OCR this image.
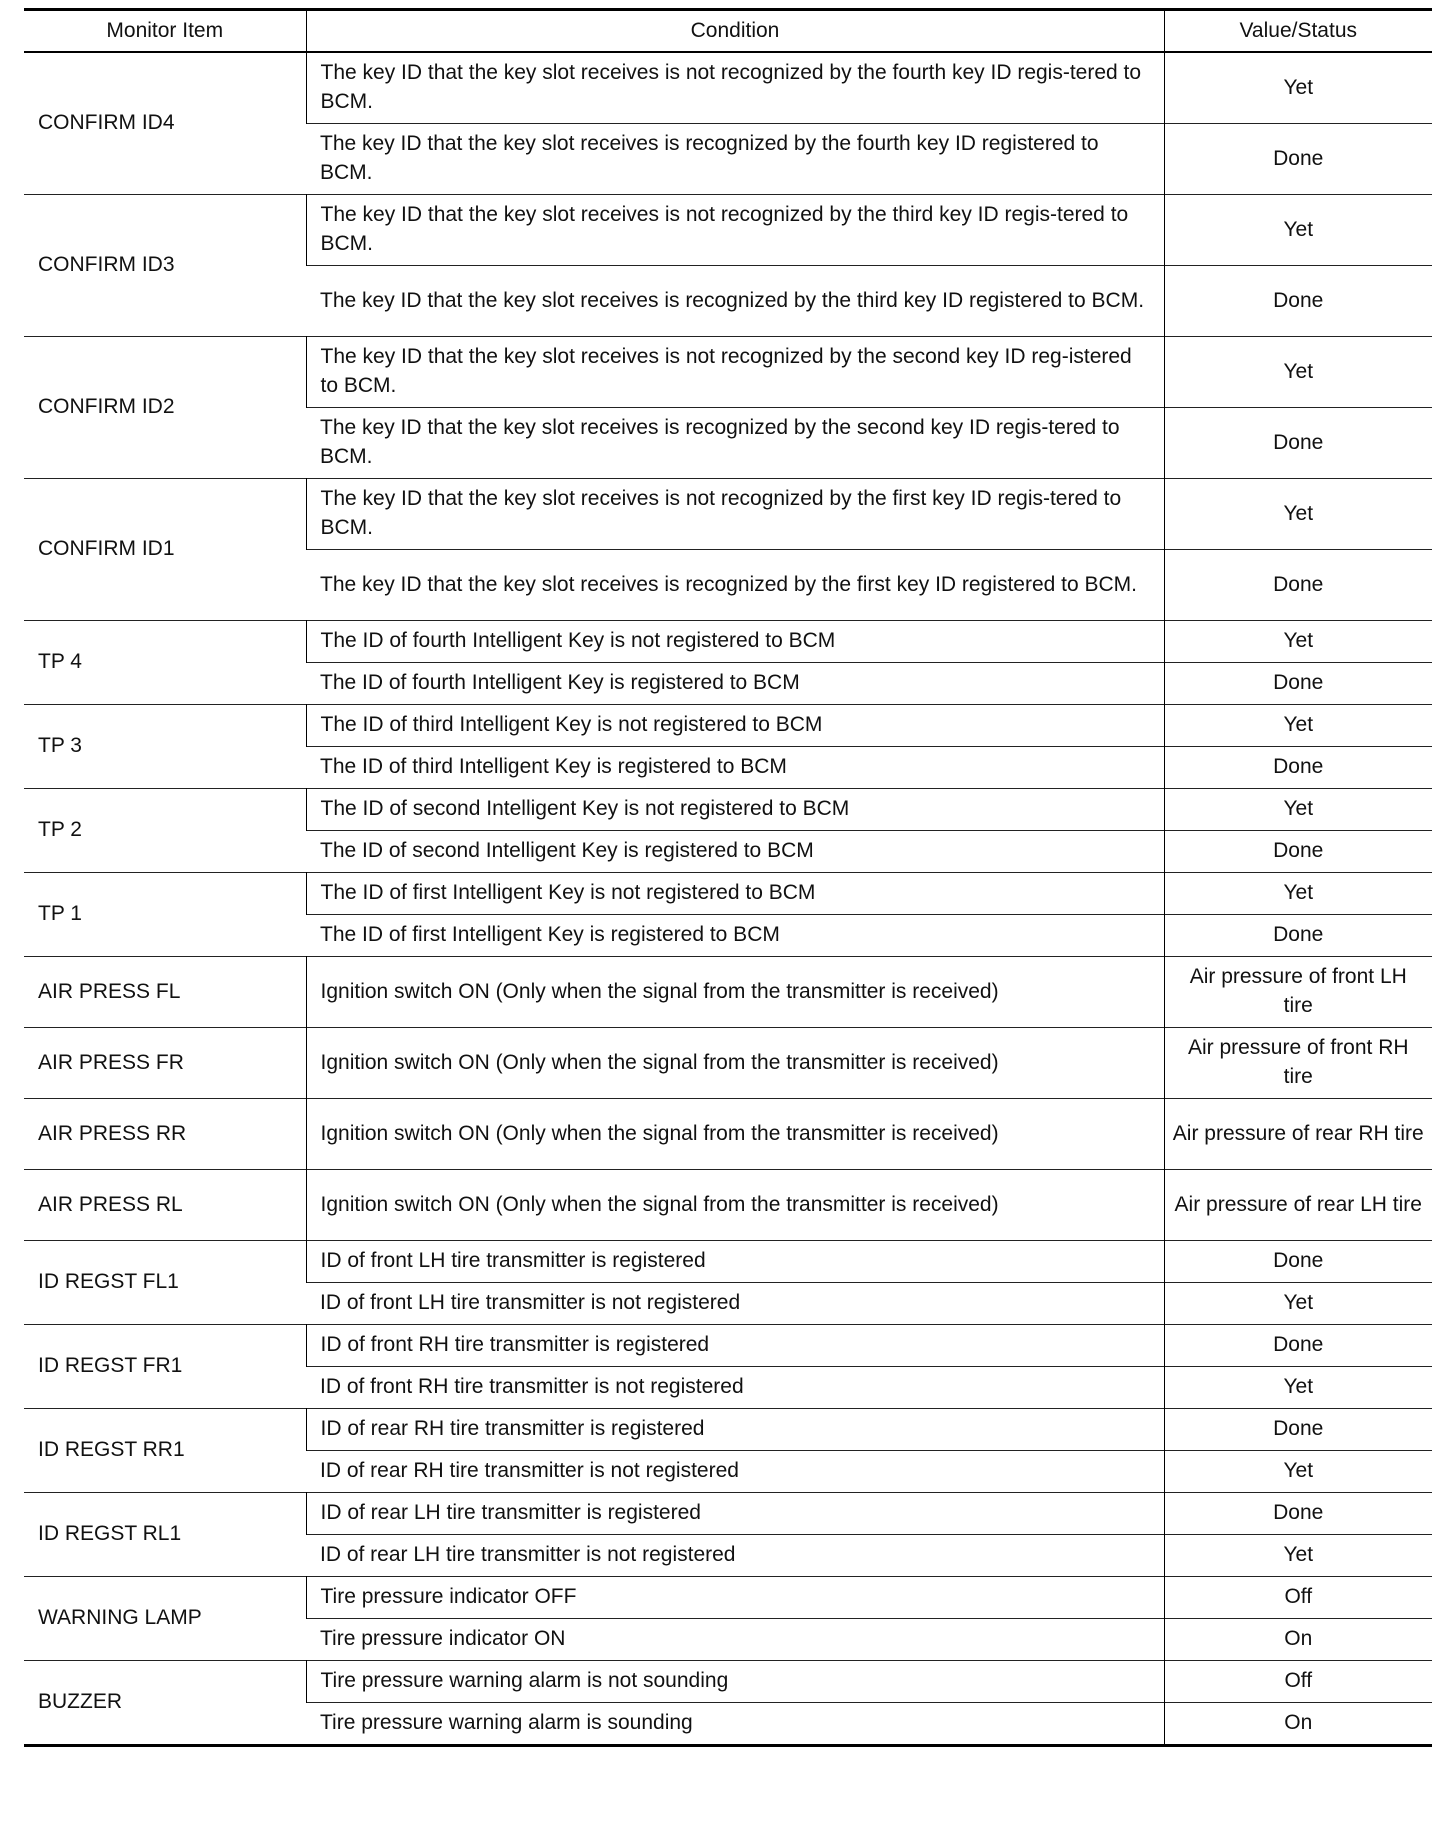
Monitor Item	Condition	Value/Status
CONFIRM ID4	The key ID that the key slot receives is not recognized by the fourth key ID regis-tered to BCM.	Yet
	The key ID that the key slot receives is recognized by the fourth key ID registered to BCM.	Done
CONFIRM ID3	The key ID that the key slot receives is not recognized by the third key ID regis-tered to BCM.	Yet
	The key ID that the key slot receives is recognized by the third key ID registered to BCM.	Done
CONFIRM ID2	The key ID that the key slot receives is not recognized by the second key ID reg-istered to BCM.	Yet
	The key ID that the key slot receives is recognized by the second key ID regis-tered to BCM.	Done
CONFIRM ID1	The key ID that the key slot receives is not recognized by the first key ID regis-tered to BCM.	Yet
	The key ID that the key slot receives is recognized by the first key ID registered to BCM.	Done
TP 4	The ID of fourth Intelligent Key is not registered to BCM	Yet
	The ID of fourth Intelligent Key is registered to BCM	Done
TP 3	The ID of third Intelligent Key is not registered to BCM	Yet
	The ID of third Intelligent Key is registered to BCM	Done
TP 2	The ID of second Intelligent Key is not registered to BCM	Yet
	The ID of second Intelligent Key is registered to BCM	Done
TP 1	The ID of first Intelligent Key is not registered to BCM	Yet
	The ID of first Intelligent Key is registered to BCM	Done
AIR PRESS FL	Ignition switch ON (Only when the signal from the transmitter is received)	Air pressure of front LH tire
AIR PRESS FR	Ignition switch ON (Only when the signal from the transmitter is received)	Air pressure of front RH tire
AIR PRESS RR	Ignition switch ON (Only when the signal from the transmitter is received)	Air pressure of rear RH tire
AIR PRESS RL	Ignition switch ON (Only when the signal from the transmitter is received)	Air pressure of rear LH tire
ID REGST FL1	ID of front LH tire transmitter is registered	Done
	ID of front LH tire transmitter is not registered	Yet
ID REGST FR1	ID of front RH tire transmitter is registered	Done
	ID of front RH tire transmitter is not registered	Yet
ID REGST RR1	ID of rear RH tire transmitter is registered	Done
	ID of rear RH tire transmitter is not registered	Yet
ID REGST RL1	ID of rear LH tire transmitter is registered	Done
	ID of rear LH tire transmitter is not registered	Yet
WARNING LAMP	Tire pressure indicator OFF	Off
	Tire pressure indicator ON	On
BUZZER	Tire pressure warning alarm is not sounding	Off
	Tire pressure warning alarm is sounding	On
